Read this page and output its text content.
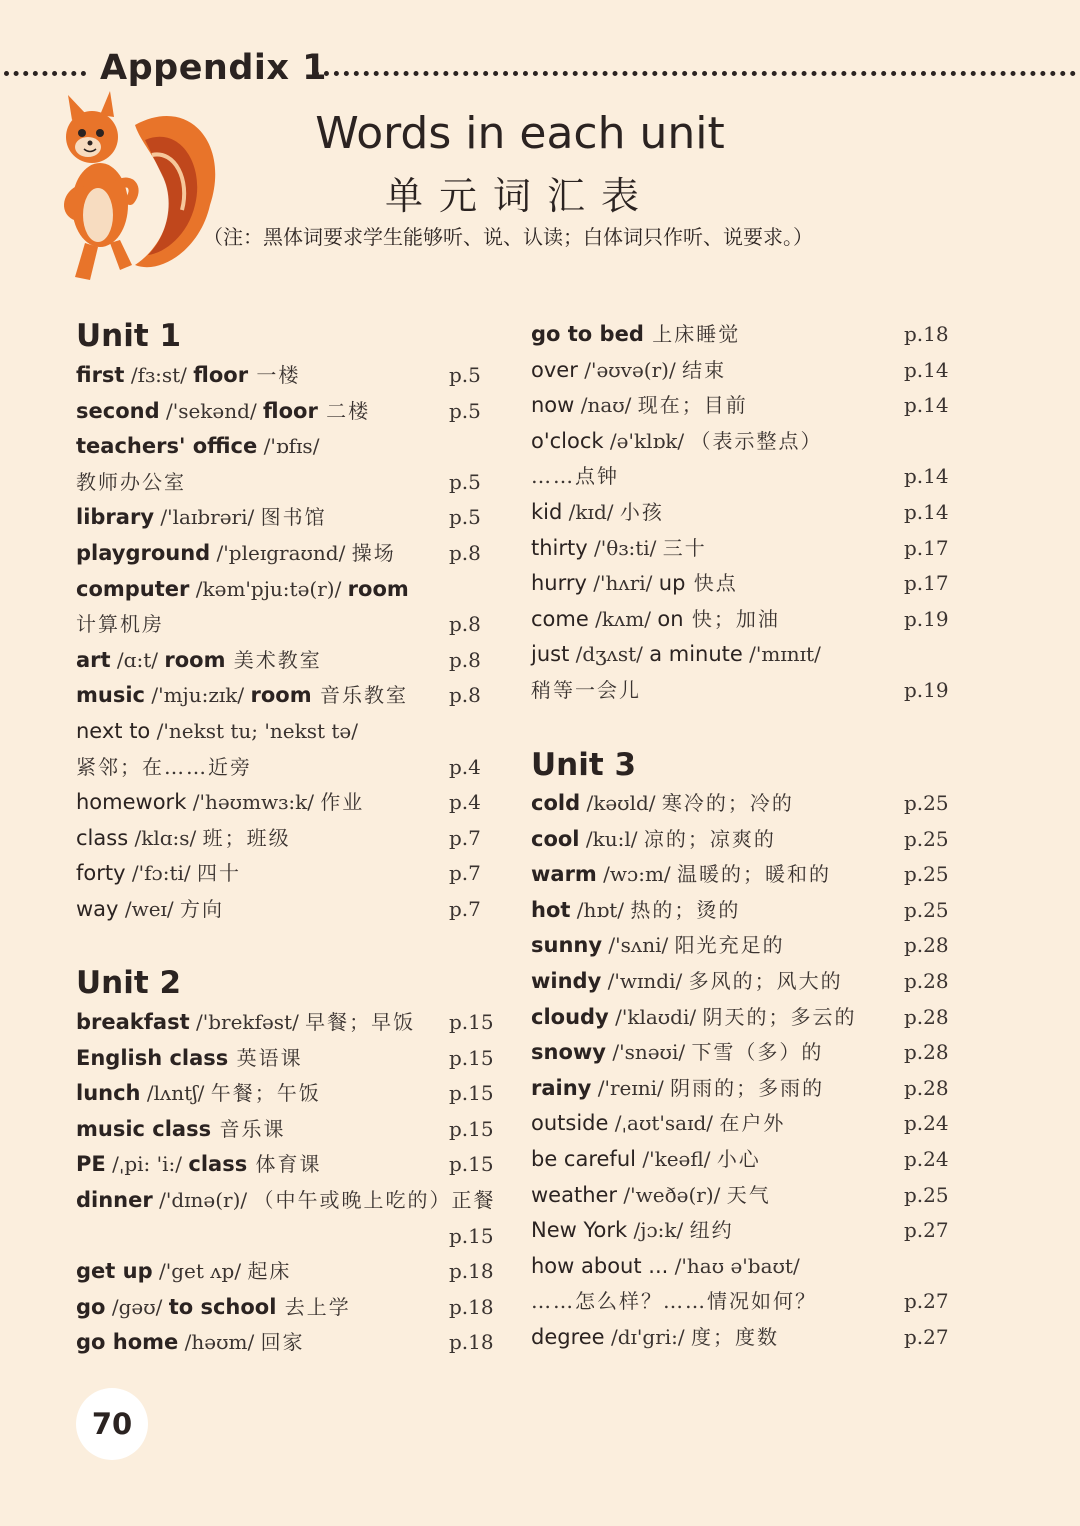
Appendix 1
Words in each unit
单元词汇表
（注：黑体词要求学生能够听、说、认读；白体词只作听、说要求。）
Unit 1
first /fɜ:st/ floor 一楼	p.5
second /'sekənd/ floor 二楼	p.5
teachers' office /'ɒfɪs/
教师办公室	p.5
library /'laɪbrəri/ 图书馆	p.5
playground /'pleɪgraʊnd/ 操场	p.8
computer /kəm'pju:tə(r)/ room
计算机房	p.8
art /ɑ:t/ room 美术教室	p.8
music /'mju:zɪk/ room 音乐教室 p.8
next to /'nekst tu; 'nekst tə/
紧邻；在……近旁	p.4
homework /'həʊmwɜ:k/ 作业	p.4
class /klɑ:s/ 班；班级	p.7
forty /'fɔ:ti/ 四十	p.7
way /weɪ/ 方向	p.7
Unit 2
breakfast /'brekfəst/ 早餐；早饭 p.15
English class 英语课	p.15
lunch /lʌntʃ/ 午餐；午饭	p.15
music class 音乐课	p.15
PE /ˌpi: 'i:/ class 体育课	p.15
dinner /'dɪnə(r)/ （中午或晚上吃的）正餐
p.15
get up /'get ʌp/ 起床	p.18
go /gəʊ/ to school 去上学	p.18
go home /həʊm/ 回家	p.18
go to bed 上床睡觉	p.18
over /'əʊvə(r)/ 结束	p.14
now /naʊ/ 现在；目前	p.14
o'clock /ə'klɒk/ （表示整点）
……点钟	p.14
kid /kɪd/ 小孩	p.14
thirty /'θɜ:ti/ 三十	p.17
hurry /'hʌri/ up 快点	p.17
come /kʌm/ on 快；加油	p.19
just /dʒʌst/ a minute /'mɪnɪt/
稍等一会儿	p.19
Unit 3
cold /kəʊld/ 寒冷的；冷的	p.25
cool /ku:l/ 凉的；凉爽的	p.25
warm /wɔ:m/ 温暖的；暖和的	p.25
hot /hɒt/ 热的；烫的	p.25
sunny /'sʌni/ 阳光充足的	p.28
windy /'wɪndi/ 多风的；风大的	p.28
cloudy /'klaʊdi/ 阴天的；多云的 p.28
snowy /'snəʊi/ 下雪（多）的	p.28
rainy /'reɪni/ 阴雨的；多雨的	p.28
outside /ˌaʊt'saɪd/ 在户外	p.24
be careful /'keəfl/ 小心	p.24
weather /'weðə(r)/ 天气	p.25
New York /jɔ:k/ 纽约	p.27
how about ... /'haʊ ə'baʊt/
……怎么样？……情况如何？	p.27
degree /dɪ'gri:/ 度；度数	p.27
70
